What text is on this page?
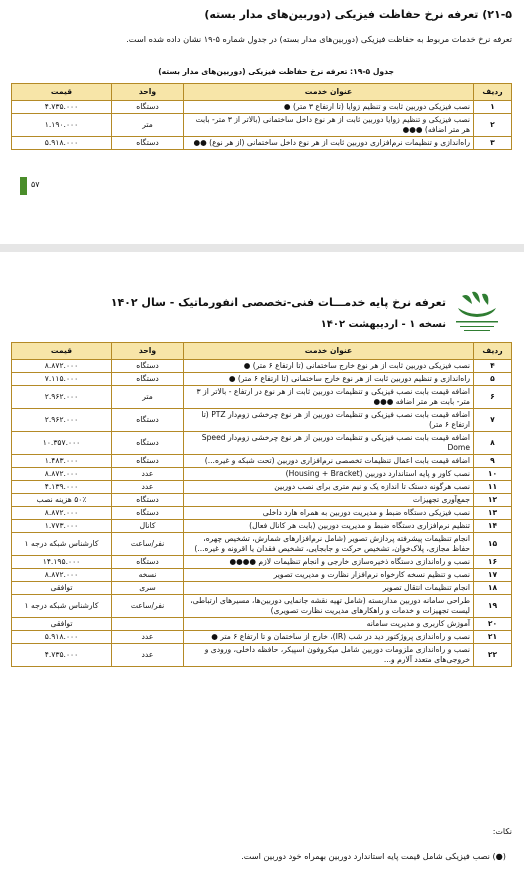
۲۱-۵) تعرفه نرخ حفاظت فیزیکی (دوربین‌های مدار بسته)
تعرفه نرخ خدمات مربوط به حفاظت فیزیکی (دوربین‌های مدار بسته) در جدول شماره ۵-۱۹ نشان داده شده است.
جدول ۵-۱۹: تعرفه نرخ حفاظت فیزیکی (دوربین‌های مدار بسته)
ردیف	عنوان خدمت	واحد	قیمت
۱	نصب فیزیکی دوربین ثابت و تنظیم زوایا (تا ارتفاع ۳ متر) ●	دستگاه	۴.۷۳۵.۰۰۰
۲	نصب فیزیکی و تنظیم زوایا دوربین ثابت از هر نوع داخل ساختمانی (بالاتر از ۳ متر- بابت هر متر اضافه) ●●●	متر	۱.۱۹۰.۰۰۰
۳	راه‌اندازی و تنظیمات نرم‌افزاری دوربین ثابت از هر نوع داخل ساختمانی (از هر نوع) ●●	دستگاه	۵.۹۱۸.۰۰۰
۵۷
تعرفه نرخ پایه خدمـــات فنی-تخصصی انفورماتیک - سال ۱۴۰۲
نسخه ۱ - اردیبهشت ۱۴۰۲
ردیف	عنوان خدمت	واحد	قیمت
۴	نصب فیزیکی دوربین ثابت از هر نوع خارج ساختمانی (تا ارتفاع ۶ متر) ●	دستگاه	۸.۸۷۲.۰۰۰
۵	راه‌اندازی و تنظیم دوربین ثابت از هر نوع خارج ساختمانی (تا ارتفاع ۶ متر) ●	دستگاه	۷.۱۱۵.۰۰۰
۶	اضافه قیمت بابت نصب فیزیکی و تنظیمات دوربین ثابت از هر نوع در ارتفاع - بالاتر از ۳ متر- بابت هر متر اضافه ●●●	متر	۲.۹۶۲.۰۰۰
۷	اضافه قیمت بابت نصب فیزیکی و تنظیمات دوربین از هر نوع چرخشی زوم‌دار PTZ (تا ارتفاع ۶ متر)	دستگاه	۲.۹۶۲.۰۰۰
۸	اضافه قیمت بابت نصب فیزیکی و تنظیمات دوربین از هر نوع چرخشی زوم‌دار Speed Dome	دستگاه	۱۰.۳۵۷.۰۰۰
۹	اضافه قیمت بابت اعمال تنظیمات تخصصی نرم‌افزاری دوربین (تحت شبکه و غیره...)	دستگاه	۱.۴۸۳.۰۰۰
۱۰	نصب کاور و پایه استاندارد دوربین (Housing + Bracket)	عدد	۸.۸۷۲.۰۰۰
۱۱	نصب هرگونه دستک تا اندازه یک و نیم متری برای نصب دوربین	عدد	۴.۱۳۹.۰۰۰
۱۲	جمع‌آوری تجهیزات	دستگاه	۵۰٪ هزینه نصب
۱۳	نصب فیزیکی دستگاه ضبط و مدیریت دوربین به همراه هارد داخلی	دستگاه	۸.۸۷۲.۰۰۰
۱۴	تنظیم نرم‌افزاری دستگاه ضبط و مدیریت دوربین (بابت هر کانال فعال)	کانال	۱.۷۷۳.۰۰۰
۱۵	انجام تنظیمات پیشرفته پردازش تصویر (شامل نرم‌افزارهای شمارش، تشخیص چهره، حفاظ مجازی، پلاک‌خوان، تشخیص حرکت و جابجایی، تشخیص فقدان یا اقرونه و غیره...)	نفر/ساعت	کارشناس شبکه درجه ۱
۱۶	نصب و راه‌اندازی دستگاه ذخیره‌سازی خارجی و انجام تنظیمات لازم ●●●●	دستگاه	۱۴.۱۹۵.۰۰۰
۱۷	نصب و تنظیم نسخه کارخواه نرم‌افزار نظارت و مدیریت تصویر	نسخه	۸.۸۷۲.۰۰۰
۱۸	انجام تنظیمات انتقال تصویر	سری	توافقی
۱۹	طراحی سامانه دوربین مداربسته (شامل تهیه نقشه جانمایی دوربین‌ها، مسیرهای ارتباطی، لیست تجهیزات و خدمات و راهکارهای مدیریت نظارت تصویری)	نفر/ساعت	کارشناس شبکه درجه ۱
۲۰	آموزش کاربری و مدیریت سامانه		توافقی
۲۱	نصب و راه‌اندازی پروژکتور دید در شب (IR)، خارج از ساختمان و تا ارتفاع ۶ متر ●	عدد	۵.۹۱۸.۰۰۰
۲۲	نصب و راه‌اندازی ملزومات دوربین شامل میکروفون اسپیکر، حافظه داخلی، ورودی و خروجی‌های متعدد آلارم و...	عدد	۴.۷۳۵.۰۰۰
نکات:
(●) نصب فیزیکی شامل قیمت پایه استاندارد دوربین بهمراه خود دوربین است.
